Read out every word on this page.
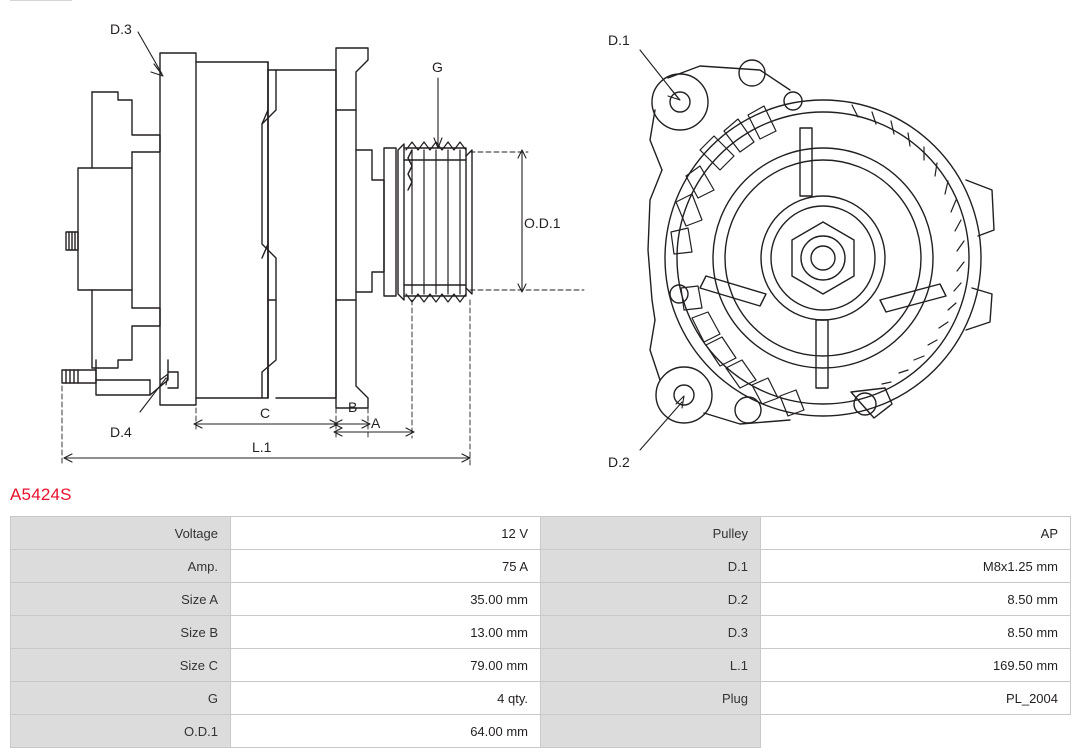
D.3
D.4
G
O.D.1
A
B
C
L.1
D.1
D.2
A5424S
Voltage	12 V	Pulley	AP
Amp.	75 A	D.1	M8x1.25 mm
Size A	35.00 mm	D.2	8.50 mm
Size B	13.00 mm	D.3	8.50 mm
Size C	79.00 mm	L.1	169.50 mm
G	4 qty.	Plug	PL_2004
O.D.1	64.00 mm		
